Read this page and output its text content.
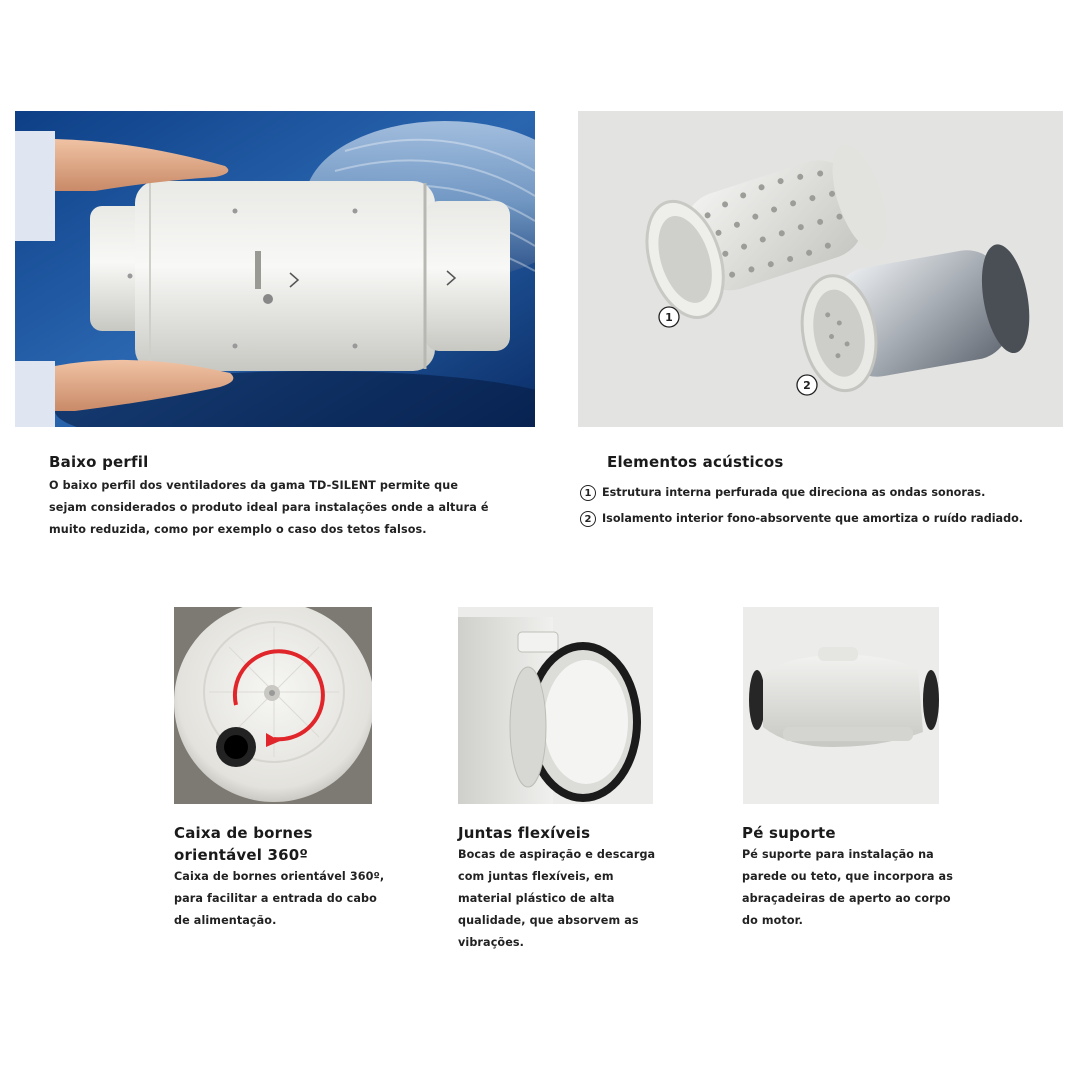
1
2
Baixo perfil
O baixo perfil dos ventiladores da gama TD-SILENT permite que
sejam considerados o produto ideal para instalações onde a altura é
muito reduzida, como por exemplo o caso dos tetos falsos.
Elementos acústicos
1 Estrutura interna perfurada que direciona as ondas sonoras.
2 Isolamento interior fono-absorvente que amortiza o ruído radiado.
Caixa de bornes
orientável 360º
Caixa de bornes orientável 360º,
para facilitar a entrada do cabo
de alimentação.
Juntas flexíveis
Bocas de aspiração e descarga
com juntas flexíveis, em
material plástico de alta
qualidade, que absorvem as
vibrações.
Pé suporte
Pé suporte para instalação na
parede ou teto, que incorpora as
abraçadeiras de aperto ao corpo
do motor.
